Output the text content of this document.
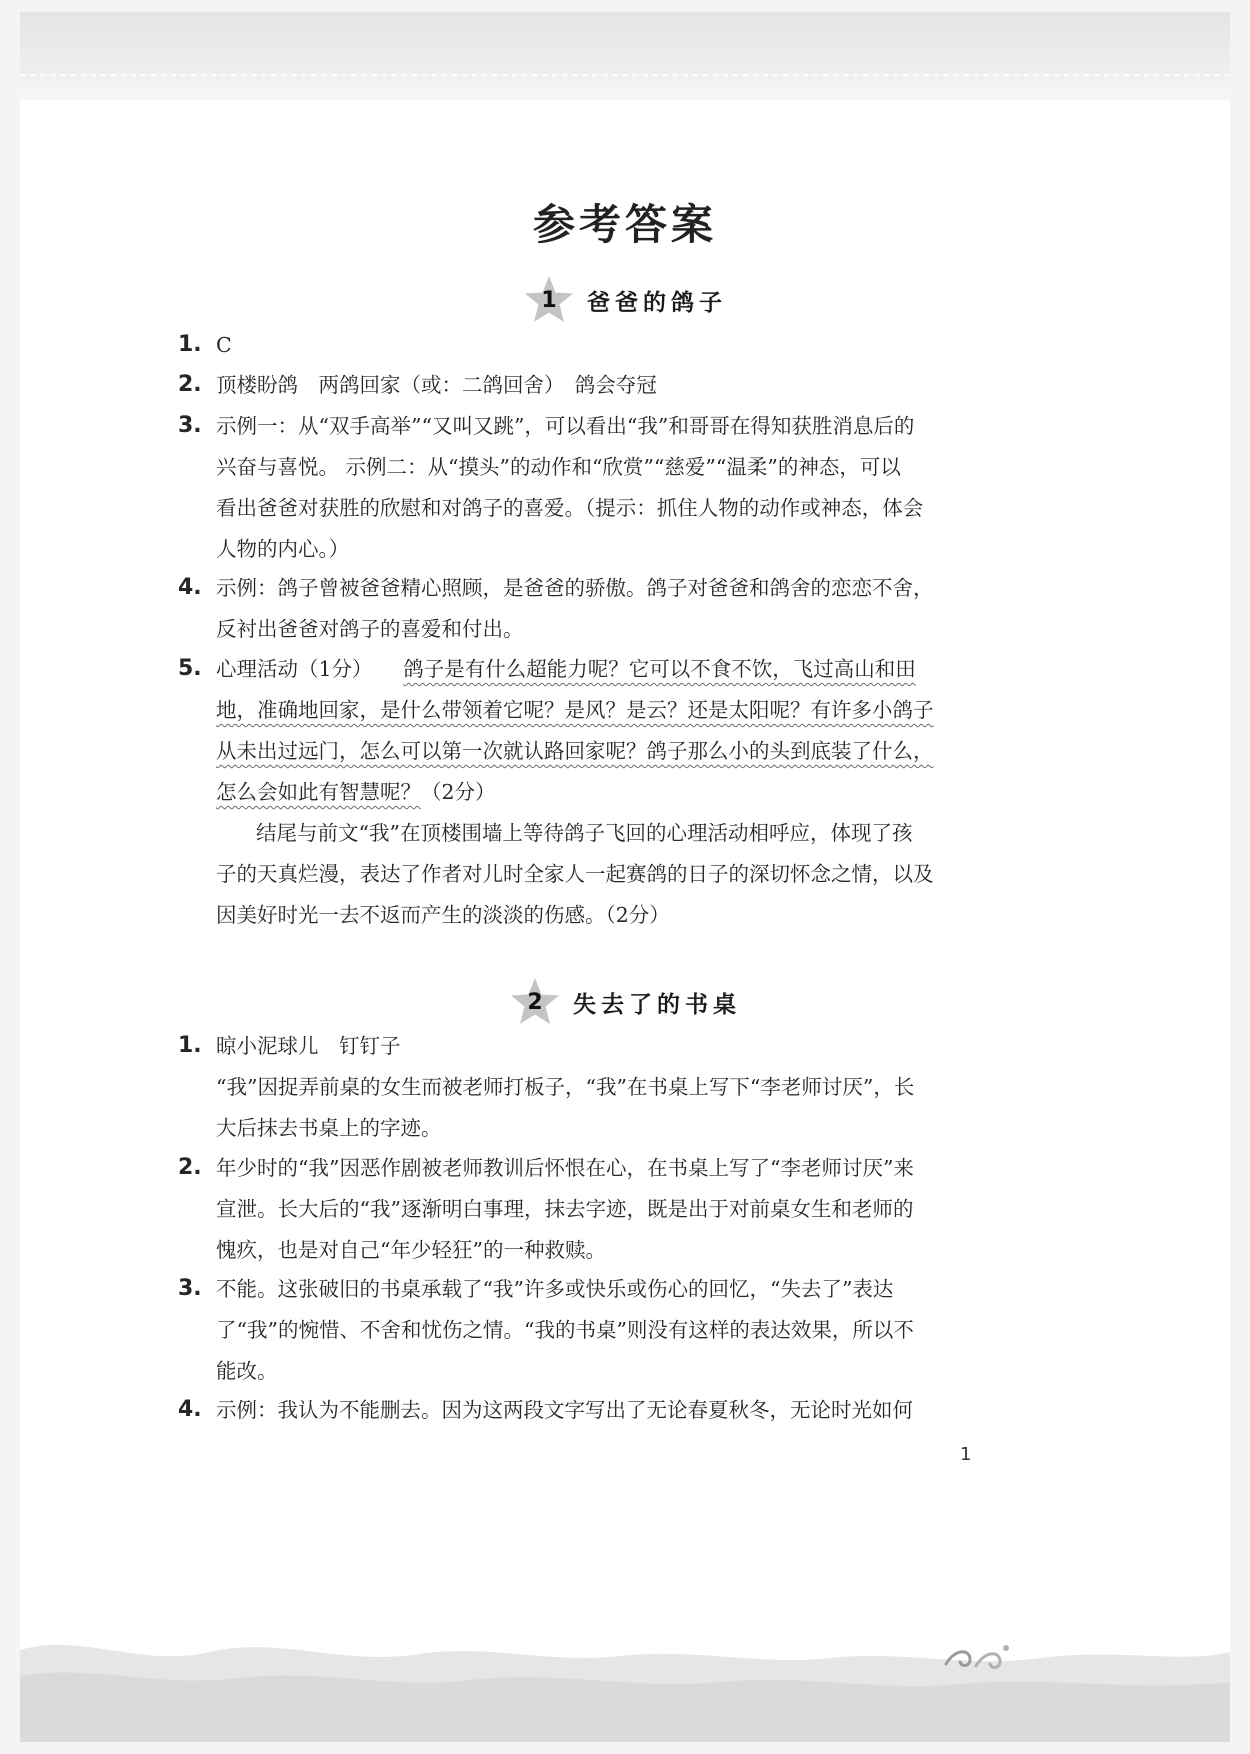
参考答案
1	爸爸的鸽子
1. C
2. 顶楼盼鸽　两鸽回家（或：二鸽回舍）　鸽会夺冠
3. 示例一：从“双手高举”“又叫又跳”，可以看出“我”和哥哥在得知获胜消息后的
兴奋与喜悦。 示例二：从“摸头”的动作和“欣赏”“慈爱”“温柔”的神态，可以
看出爸爸对获胜的欣慰和对鸽子的喜爱。（提示：抓住人物的动作或神态，体会
人物的内心。）
4. 示例：鸽子曾被爸爸精心照顾，是爸爸的骄傲。鸽子对爸爸和鸽舍的恋恋不舍，
反衬出爸爸对鸽子的喜爱和付出。
5. 心理活动（1分）　　 鸽子是有什么超能力呢？它可以不食不饮，飞过高山和田
地，准确地回家，是什么带领着它呢？是风？是云？还是太阳呢？有许多小鸽子
从未出过远门，怎么可以第一次就认路回家呢？鸽子那么小的头到底装了什么，
怎么会如此有智慧呢？（2分）
结尾与前文“我”在顶楼围墙上等待鸽子飞回的心理活动相呼应，体现了孩
子的天真烂漫，表达了作者对儿时全家人一起赛鸽的日子的深切怀念之情，以及
因美好时光一去不返而产生的淡淡的伤感。（2分）
2	失去了的书桌
1. 晾小泥球儿　钉钉子
“我”因捉弄前桌的女生而被老师打板子，“我”在书桌上写下“李老师讨厌”，长
大后抹去书桌上的字迹。
2. 年少时的“我”因恶作剧被老师教训后怀恨在心，在书桌上写了“李老师讨厌”来
宣泄。长大后的“我”逐渐明白事理，抹去字迹，既是出于对前桌女生和老师的
愧疚，也是对自己“年少轻狂”的一种救赎。
3. 不能。这张破旧的书桌承载了“我”许多或快乐或伤心的回忆，“失去了”表达
了“我”的惋惜、不舍和忧伤之情。“我的书桌”则没有这样的表达效果，所以不
能改。
4. 示例：我认为不能删去。因为这两段文字写出了无论春夏秋冬，无论时光如何
1
